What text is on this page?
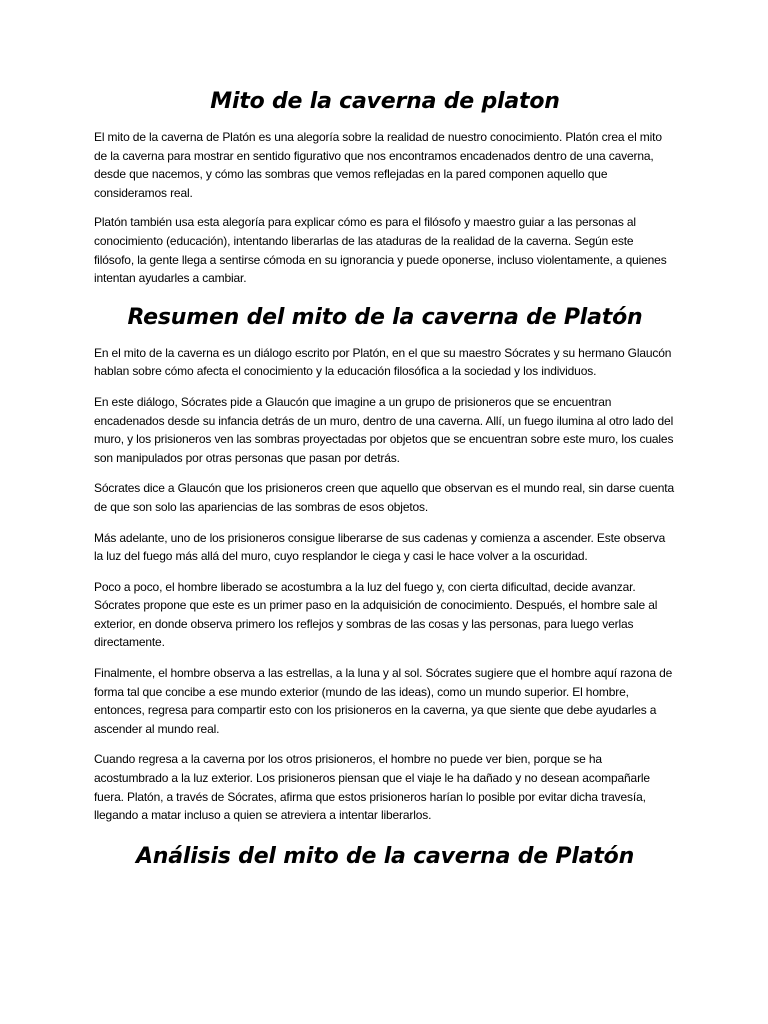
Mito de la caverna de platon

El mito de la caverna de Platón es una alegoría sobre la realidad de nuestro conocimiento. Platón crea el mito de la caverna para mostrar en sentido figurativo que nos encontramos encadenados dentro de una caverna, desde que nacemos, y cómo las sombras que vemos reflejadas en la pared componen aquello que consideramos real.

Platón también usa esta alegoría para explicar cómo es para el filósofo y maestro guiar a las personas al conocimiento (educación), intentando liberarlas de las ataduras de la realidad de la caverna. Según este filósofo, la gente llega a sentirse cómoda en su ignorancia y puede oponerse, incluso violentamente, a quienes intentan ayudarles a cambiar.

Resumen del mito de la caverna de Platón

En el mito de la caverna es un diálogo escrito por Platón, en el que su maestro Sócrates y su hermano Glaucón hablan sobre cómo afecta el conocimiento y la educación filosófica a la sociedad y los individuos.

En este diálogo, Sócrates pide a Glaucón que imagine a un grupo de prisioneros que se encuentran encadenados desde su infancia detrás de un muro, dentro de una caverna. Allí, un fuego ilumina al otro lado del muro, y los prisioneros ven las sombras proyectadas por objetos que se encuentran sobre este muro, los cuales son manipulados por otras personas que pasan por detrás.

Sócrates dice a Glaucón que los prisioneros creen que aquello que observan es el mundo real, sin darse cuenta de que son solo las apariencias de las sombras de esos objetos.

Más adelante, uno de los prisioneros consigue liberarse de sus cadenas y comienza a ascender. Este observa la luz del fuego más allá del muro, cuyo resplandor le ciega y casi le hace volver a la oscuridad.

Poco a poco, el hombre liberado se acostumbra a la luz del fuego y, con cierta dificultad, decide avanzar. Sócrates propone que este es un primer paso en la adquisición de conocimiento. Después, el hombre sale al exterior, en donde observa primero los reflejos y sombras de las cosas y las personas, para luego verlas directamente.

Finalmente, el hombre observa a las estrellas, a la luna y al sol. Sócrates sugiere que el hombre aquí razona de forma tal que concibe a ese mundo exterior (mundo de las ideas), como un mundo superior. El hombre, entonces, regresa para compartir esto con los prisioneros en la caverna, ya que siente que debe ayudarles a ascender al mundo real.

Cuando regresa a la caverna por los otros prisioneros, el hombre no puede ver bien, porque se ha acostumbrado a la luz exterior. Los prisioneros piensan que el viaje le ha dañado y no desean acompañarle fuera. Platón, a través de Sócrates, afirma que estos prisioneros harían lo posible por evitar dicha travesía, llegando a matar incluso a quien se atreviera a intentar liberarlos.

Análisis del mito de la caverna de Platón
